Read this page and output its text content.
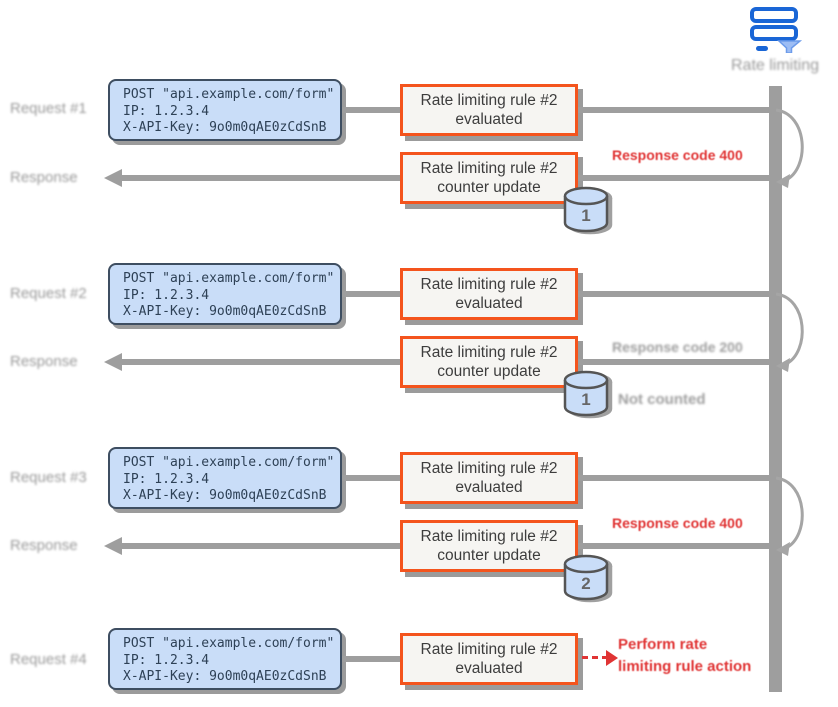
Rate limiting
Request #1
POST "api.example.com/form"
IP: 1.2.3.4
X-API-Key: 9o0m0qAE0zCdSnB
Rate limiting rule #2
evaluated
Response
Rate limiting rule #2
counter update
Response code 400
1
Request #2
POST "api.example.com/form"
IP: 1.2.3.4
X-API-Key: 9o0m0qAE0zCdSnB
Rate limiting rule #2
evaluated
Response
Rate limiting rule #2
counter update
Response code 200
1 Not counted
Request #3
POST "api.example.com/form"
IP: 1.2.3.4
X-API-Key: 9o0m0qAE0zCdSnB
Rate limiting rule #2
evaluated
Response
Rate limiting rule #2
counter update
Response code 400
2
Request #4
POST "api.example.com/form"
IP: 1.2.3.4
X-API-Key: 9o0m0qAE0zCdSnB
Rate limiting rule #2
evaluated
Perform rate
limiting rule action
